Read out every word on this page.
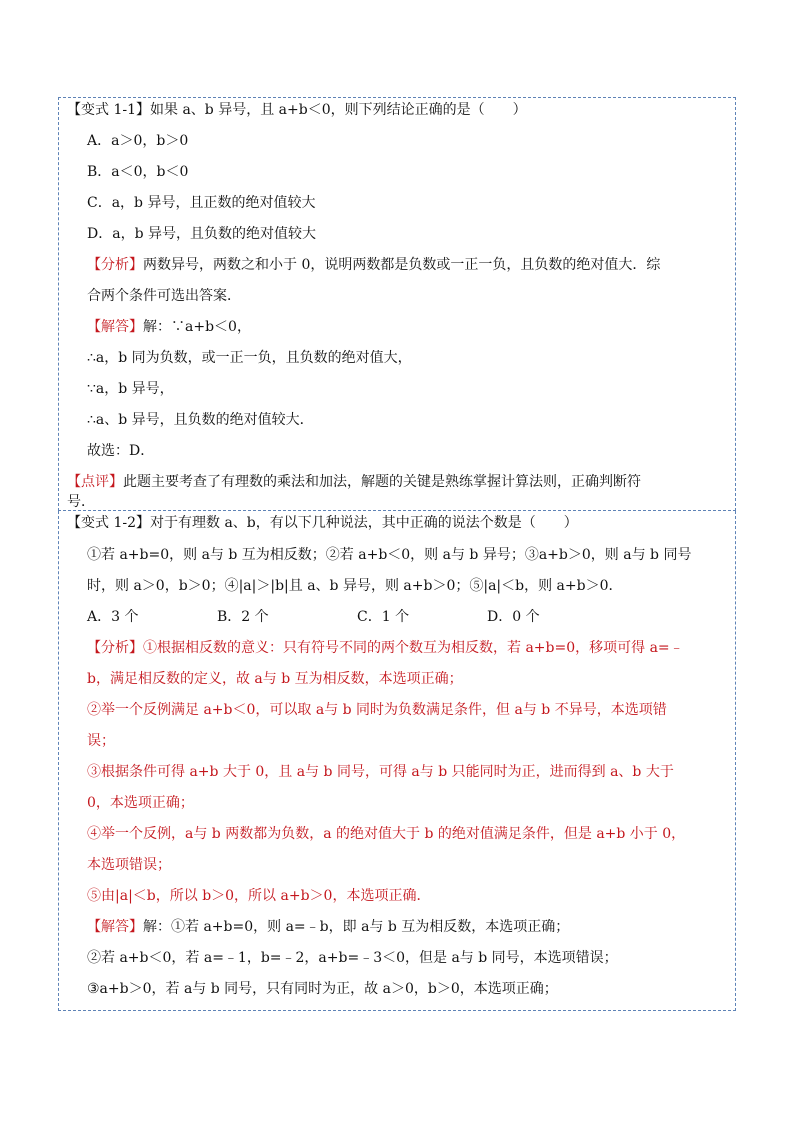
【变式 1-1】如果 a、b 异号，且 a+b＜0，则下列结论正确的是（　　）
A．a＞0，b＞0
B．a＜0，b＜0
C．a，b 异号，且正数的绝对值较大
D．a，b 异号，且负数的绝对值较大
【分析】两数异号，两数之和小于 0，说明两数都是负数或一正一负，且负数的绝对值大．综
合两个条件可选出答案．
【解答】解：∵a+b＜0，
∴a，b 同为负数，或一正一负，且负数的绝对值大，
∵a，b 异号，
∴a、b 异号，且负数的绝对值较大．
故选：D．
【点评】此题主要考查了有理数的乘法和加法，解题的关键是熟练掌握计算法则，正确判断符
号．
【变式 1-2】对于有理数 a、b，有以下几种说法，其中正确的说法个数是（　　）
①若 a+b=0，则 a与 b 互为相反数；②若 a+b＜0，则 a与 b 异号；③a+b＞0，则 a与 b 同号
时，则 a＞0，b＞0；④|a|＞|b|且 a、b 异号，则 a+b＞0；⑤|a|＜b，则 a+b＞0．
A．3 个	B．2 个	C．1 个	D．0 个
【分析】①根据相反数的意义：只有符号不同的两个数互为相反数，若 a+b=0，移项可得 a=﹣
b，满足相反数的定义，故 a与 b 互为相反数，本选项正确；
②举一个反例满足 a+b＜0，可以取 a与 b 同时为负数满足条件，但 a与 b 不异号，本选项错
误；
③根据条件可得 a+b 大于 0，且 a与 b 同号，可得 a与 b 只能同时为正，进而得到 a、b 大于
0，本选项正确；
④举一个反例，a与 b 两数都为负数，a 的绝对值大于 b 的绝对值满足条件，但是 a+b 小于 0，
本选项错误；
⑤由|a|＜b，所以 b＞0，所以 a+b＞0，本选项正确．
【解答】解：①若 a+b=0，则 a=﹣b，即 a与 b 互为相反数，本选项正确；
②若 a+b＜0，若 a=﹣1，b=﹣2，a+b=﹣3＜0，但是 a与 b 同号，本选项错误；
③a+b＞0，若 a与 b 同号，只有同时为正，故 a＞0，b＞0，本选项正确；
